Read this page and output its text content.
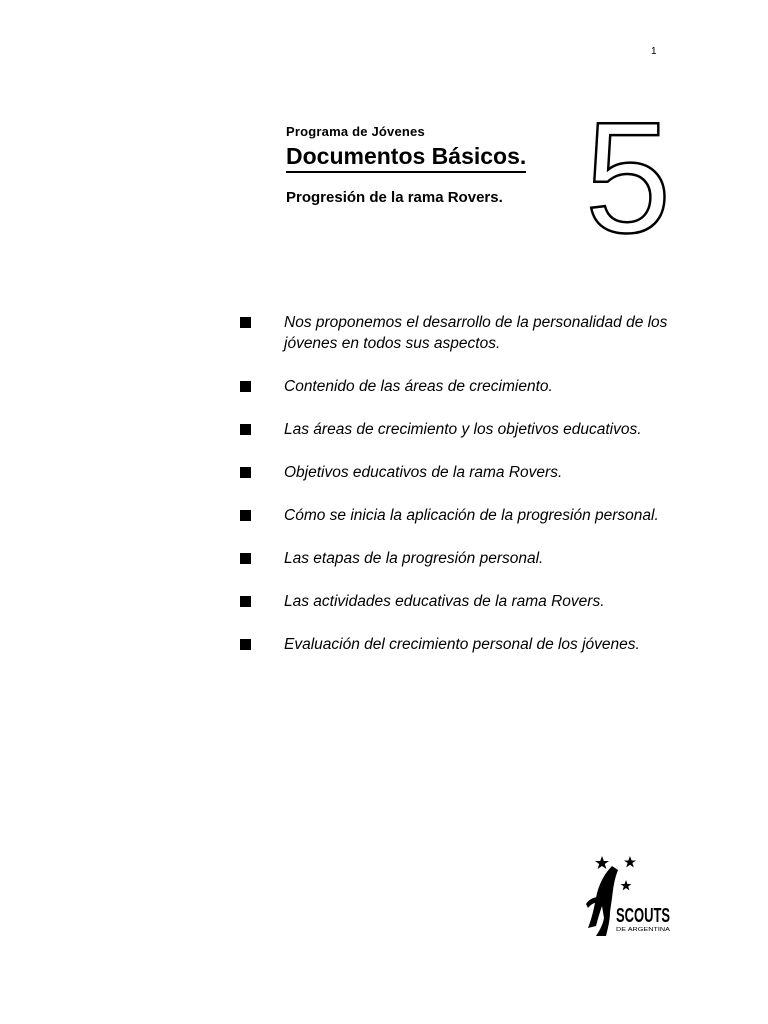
1
Programa de Jóvenes
Documentos Básicos.
Progresión de la rama Rovers. 5
Nos proponemos el desarrollo de la personalidad de los jóvenes en todos sus aspectos.
Contenido de las áreas de crecimiento.
Las áreas de crecimiento y los objetivos educativos.
Objetivos educativos de la rama Rovers.
Cómo se inicia la aplicación de la progresión personal.
Las etapas de la progresión personal.
Las actividades educativas de la rama Rovers.
Evaluación del crecimiento personal de los jóvenes.
SCOUTS
DE ARGENTINA
